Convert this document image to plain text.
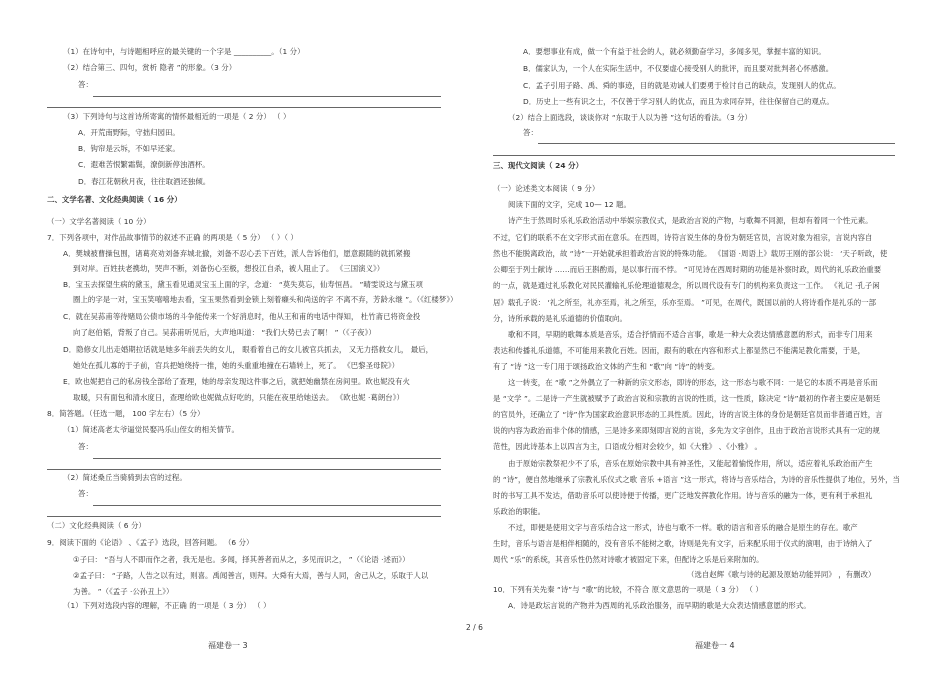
（1）在诗句中，与诗题相呼应的最关键的一个字是 __________。（1 分）
（2）结合第三、四句，赏析 隐者 ”的形象。（3 分）
答：
（3）下列诗句与这首诗所寄寓的情怀最相近的一项是（ 2 分） （ ）
A．开荒南野际，守拙归园田。
B．钩帘是云坼，不如早还家。
C．遐难苦恨繁霜鬓，潦倒新停浊酒杯。
D．春江花朝秋月夜，往往取酒还独倾。
二、文学名著、文化经典阅读（ 16 分）
（一）文学名著阅读（ 10 分）
7．下列各项中，对作品故事情节的叙述不正确 的两项是（ 5 分） （ ）（ ）
A．樊城被曹操包围，诸葛亮劝刘备弃城北撤，刘备不忍心丢下百姓，派人告诉他们，愿意跟随的就抓紧搬
到对岸。百姓扶老携幼，哭声不断，刘备伤心至极，想投江自杀，被人阻止了。 《三国演义》）
B．宝玉去探望生病的黛玉，黛玉看见通灵宝玉上面的字，念道： “莫失莫忘，仙寿恒昌。 ”晴雯说这与黛玉项
圈上的字是一对，宝玉笑嘻嘻地去看，宝玉果然看到金锁上刻着癞头和尚送的字 不离不弃，芳龄永继 ”。（《红楼梦》）
C．就在吴荪甫等待赌局公债市场的斗争能传来一个好消息时，他从王和甫的电话中得知， 杜竹斋已将资金投
向了赵伯韬，背叛了自己。吴荪甫听见后，大声地叫道： “我们大势已去了啊！ ”（《子夜》）
D．隐修女儿出走婚期拉话就是她多年前丢失的女儿， 眼看着自己的女儿被官兵抓去， 又无力搭救女儿， 最后，
她处在孤儿寡的于子前，官兵把她绕持一推，她的头重重地撞在石墙转上，死了。 《巴黎圣母院》）
E．欧也妮把自己的私房钱全部给了查理，她的母亲发现这件事之后，就把她幽禁在房间里。欧也妮没有火
取暖，只有面包和清水度日，查理给欧也妮做点好吃的，只能在夜里给她送去。 《欧也妮 ·葛朗台》）
8．简答题。（任选一题， 100 字左右）（5 分）
（1）简述高老太爷逼觉民娶冯乐山侄女的相关情节。
答：
（2）简述桑丘当骑骑到去官的过程。
答：
（二）文化经典阅读（ 6 分）
9．阅读下面的《论语》 、《孟子》选段，回答问题。 （6 分）
①子曰： “吾与人不即而作之者，我无是也。多闻，择其善者而从之，多见而识之， ”（《论语 ·述而》）
②孟子曰： “子路，人告之以有过，则喜。禹闻善言，则拜。大舜有大焉，善与人同，舍己从之，乐取于人以
为善。 ”（《孟子 ·公孙丑上》）
（1）下列对选段内容的理解，不正确 的一项是（ 3 分） （ ）
福建卷一 3
A．要想事业有成，做一个有益于社会的人，就必须勤奋学习，多闻多见，掌握丰富的知识。
B．儒家认为，一个人在实际生活中，不仅要虚心接受别人的批评，而且要对批判者心怀感激。
C．孟子引用子路、禹、舜的事迹，目的就是劝诫人们要勇于检讨自己的缺点，发现别人的优点。
D．历史上一些有识之士，不仅善于学习别人的优点，而且为求同存异，往往保留自己的观点。
（2）结合上面选段，谈谈你对 “东取于人以为善 ”这句话的看法。（3 分）
答：
三、现代文阅读（ 24 分）
（一）论述类文本阅读（ 9 分）
阅读下面的文字，完成 10— 12 题。
诗产生于然周时乐礼乐政治活动中举娱宗教仪式，是政治言说的产物，与歌舞不同源，但却有着同一个性元素。
不过，它们的联系不在文字形式而在意乐。在西周，诗符言说生体的身份为朝廷官员，言说对象为祖宗，言说内容自
然也不能脱离政治，故 “诗”一开始就承担着政治言说的特殊功能。 《国语 ·周语上》载厉王刚的部公说： ‘天子听政，使
公卿至于列士献诗 ……而后王斟酌焉，是以事行而不悖。 ”可见诗在西周时期的功能是补察时政，周代的礼乐政治重要
的一点，就是通过礼乐教化对民民灌输礼乐伦理道德观念，所以周代设有专门的机构来负责这一工作。 《礼记 ·孔子闲
居》载孔子说： ‘礼之所至，礼亦至焉，礼之所至，乐亦至焉。 ”可见，在周代，既国以前的人将诗看作是礼乐的一部
分，诗所承载的是礼乐道德的价值取向。
歌和不同，早期的歌舞本质是音乐，适合抒情而不适合言事，歌是一种大众表达情感意愿的形式，而非专门用来
表达和传播礼乐道德，不可能用来教化百姓。因而，跟有的歌在内容和形式上都显然已不能满足教化需要，于是，
有了 “诗 ”这一专门用于颂扬政治文体的产生和 “歌”向 “诗”的转变。
这一转变，在 “歌 ”之外偶立了一种新的宗文形态，即诗的形态，这一形态与歌不同：一是它的本质不再是音乐而
是 “文学 ”。二是诗一产生就被赋予了政治言说和宗教的言说的性质，这一性质，除决定 “诗”最初的作者主要应是朝廷
的官员外，还确立了 “诗”作为国家政治意识形态的工具性质。因此，诗的言说主体的身份是朝廷官员而非普通百姓，言
说的内容为政治而非个体的情感，三是诗多来即刻即言说的言说，多先为文字创作，且由于政治言说形式具有一定的规
范性，因此诗基本上以四言为主，口语成分相对会较少，如《大雅》 、《小雅》 。
由于原始宗教祭祀少不了乐，音乐在原始宗教中具有神圣性，又能起着愉悦作用，所以，适应着礼乐政治而产生
的 “诗”，便自然地继承了宗教礼乐仪式之歌 音乐 +语言 ”这一形式，将诗与音乐结合，为诗的音乐性提供了地位，另外，当
时的书写工具不发达，借助音乐可以使诗便于传播，更广泛地发挥教化作用。诗与音乐的融为一体，更有利于承担礼
乐政治的职能。
不过，即便是使用文字与音乐结合这一形式，诗也与歌不一样。歌的语言和音乐的融合是原生的存在。歌产
生时，音乐与语言是相伴相随的，没有音乐不能树之歌，诗则是先有文字，后来配乐用于仪式的演唱，由于诗纳入了
周代 “乐”的系统，其音乐性仍然对诗歌才被固定下来，但配诗之乐是后来附加的。
（选自赵辉《歌与诗的起源及原始功能异同》 ，有删改）
10．下列有关先秦 “诗”与 “歌”的比较，不符合 原文意思的一项是（ 3 分） （ ）
A．诗是政坛言说的产物并为西周的礼乐政治服务，而早期的歌是大众表达情感意愿的形式。
福建卷一 4
2 / 6
